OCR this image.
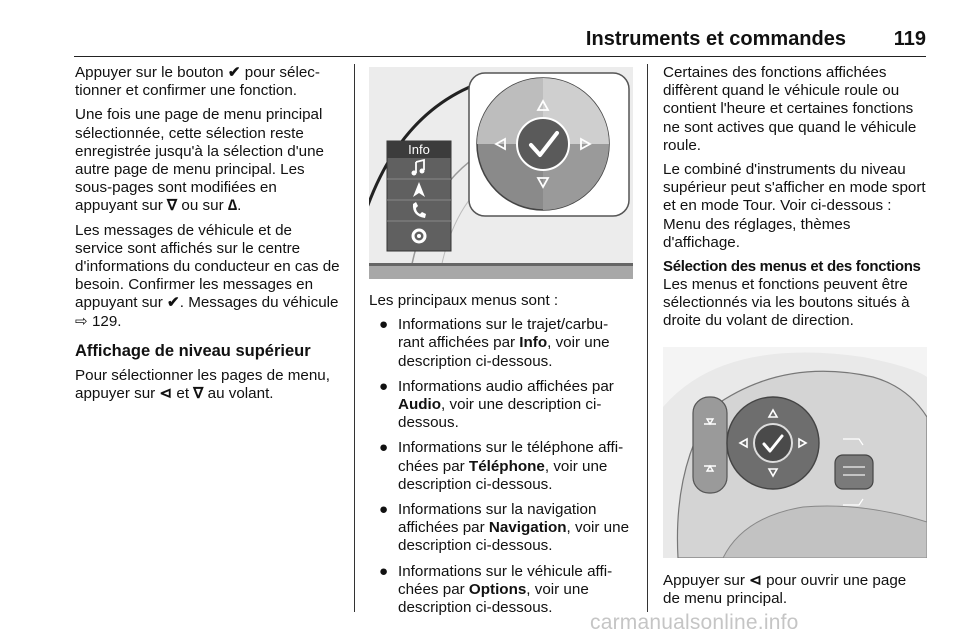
Instruments et commandes 119

Appuyer sur le bouton ✔ pour sélec-tionner et confirmer une fonction.

Une fois une page de menu principal sélectionnée, cette sélection reste enregistrée jusqu'à la sélection d'une autre page de menu principal. Les sous-pages sont modifiées en appuyant sur ∇ ou sur ∆.

Les messages de véhicule et de service sont affichés sur le centre d'informations du conducteur en cas de besoin. Confirmer les messages en appuyant sur ✔. Messages du véhicule ⇨ 129.

Affichage de niveau supérieur

Pour sélectionner les pages de menu, appuyer sur ⊲ et ∇ au volant.

Info

Les principaux menus sont :

● Informations sur le trajet/carbu-rant affichées par Info, voir une description ci-dessous.
● Informations audio affichées par Audio, voir une description ci-dessous.
● Informations sur le téléphone affi-chées par Téléphone, voir une description ci-dessous.
● Informations sur la navigation affichées par Navigation, voir une description ci-dessous.
● Informations sur le véhicule affi-chées par Options, voir une description ci-dessous.

Certaines des fonctions affichées diffèrent quand le véhicule roule ou contient l'heure et certaines fonctions ne sont actives que quand le véhicule roule.

Le combiné d'instruments du niveau supérieur peut s'afficher en mode sport et en mode Tour. Voir ci-dessous : Menu des réglages, thèmes d'affichage.

Sélection des menus et des fonctions

Les menus et fonctions peuvent être sélectionnés via les boutons situés à droite du volant de direction.

Appuyer sur ⊲ pour ouvrir une page de menu principal.

carmanualsonline.info
